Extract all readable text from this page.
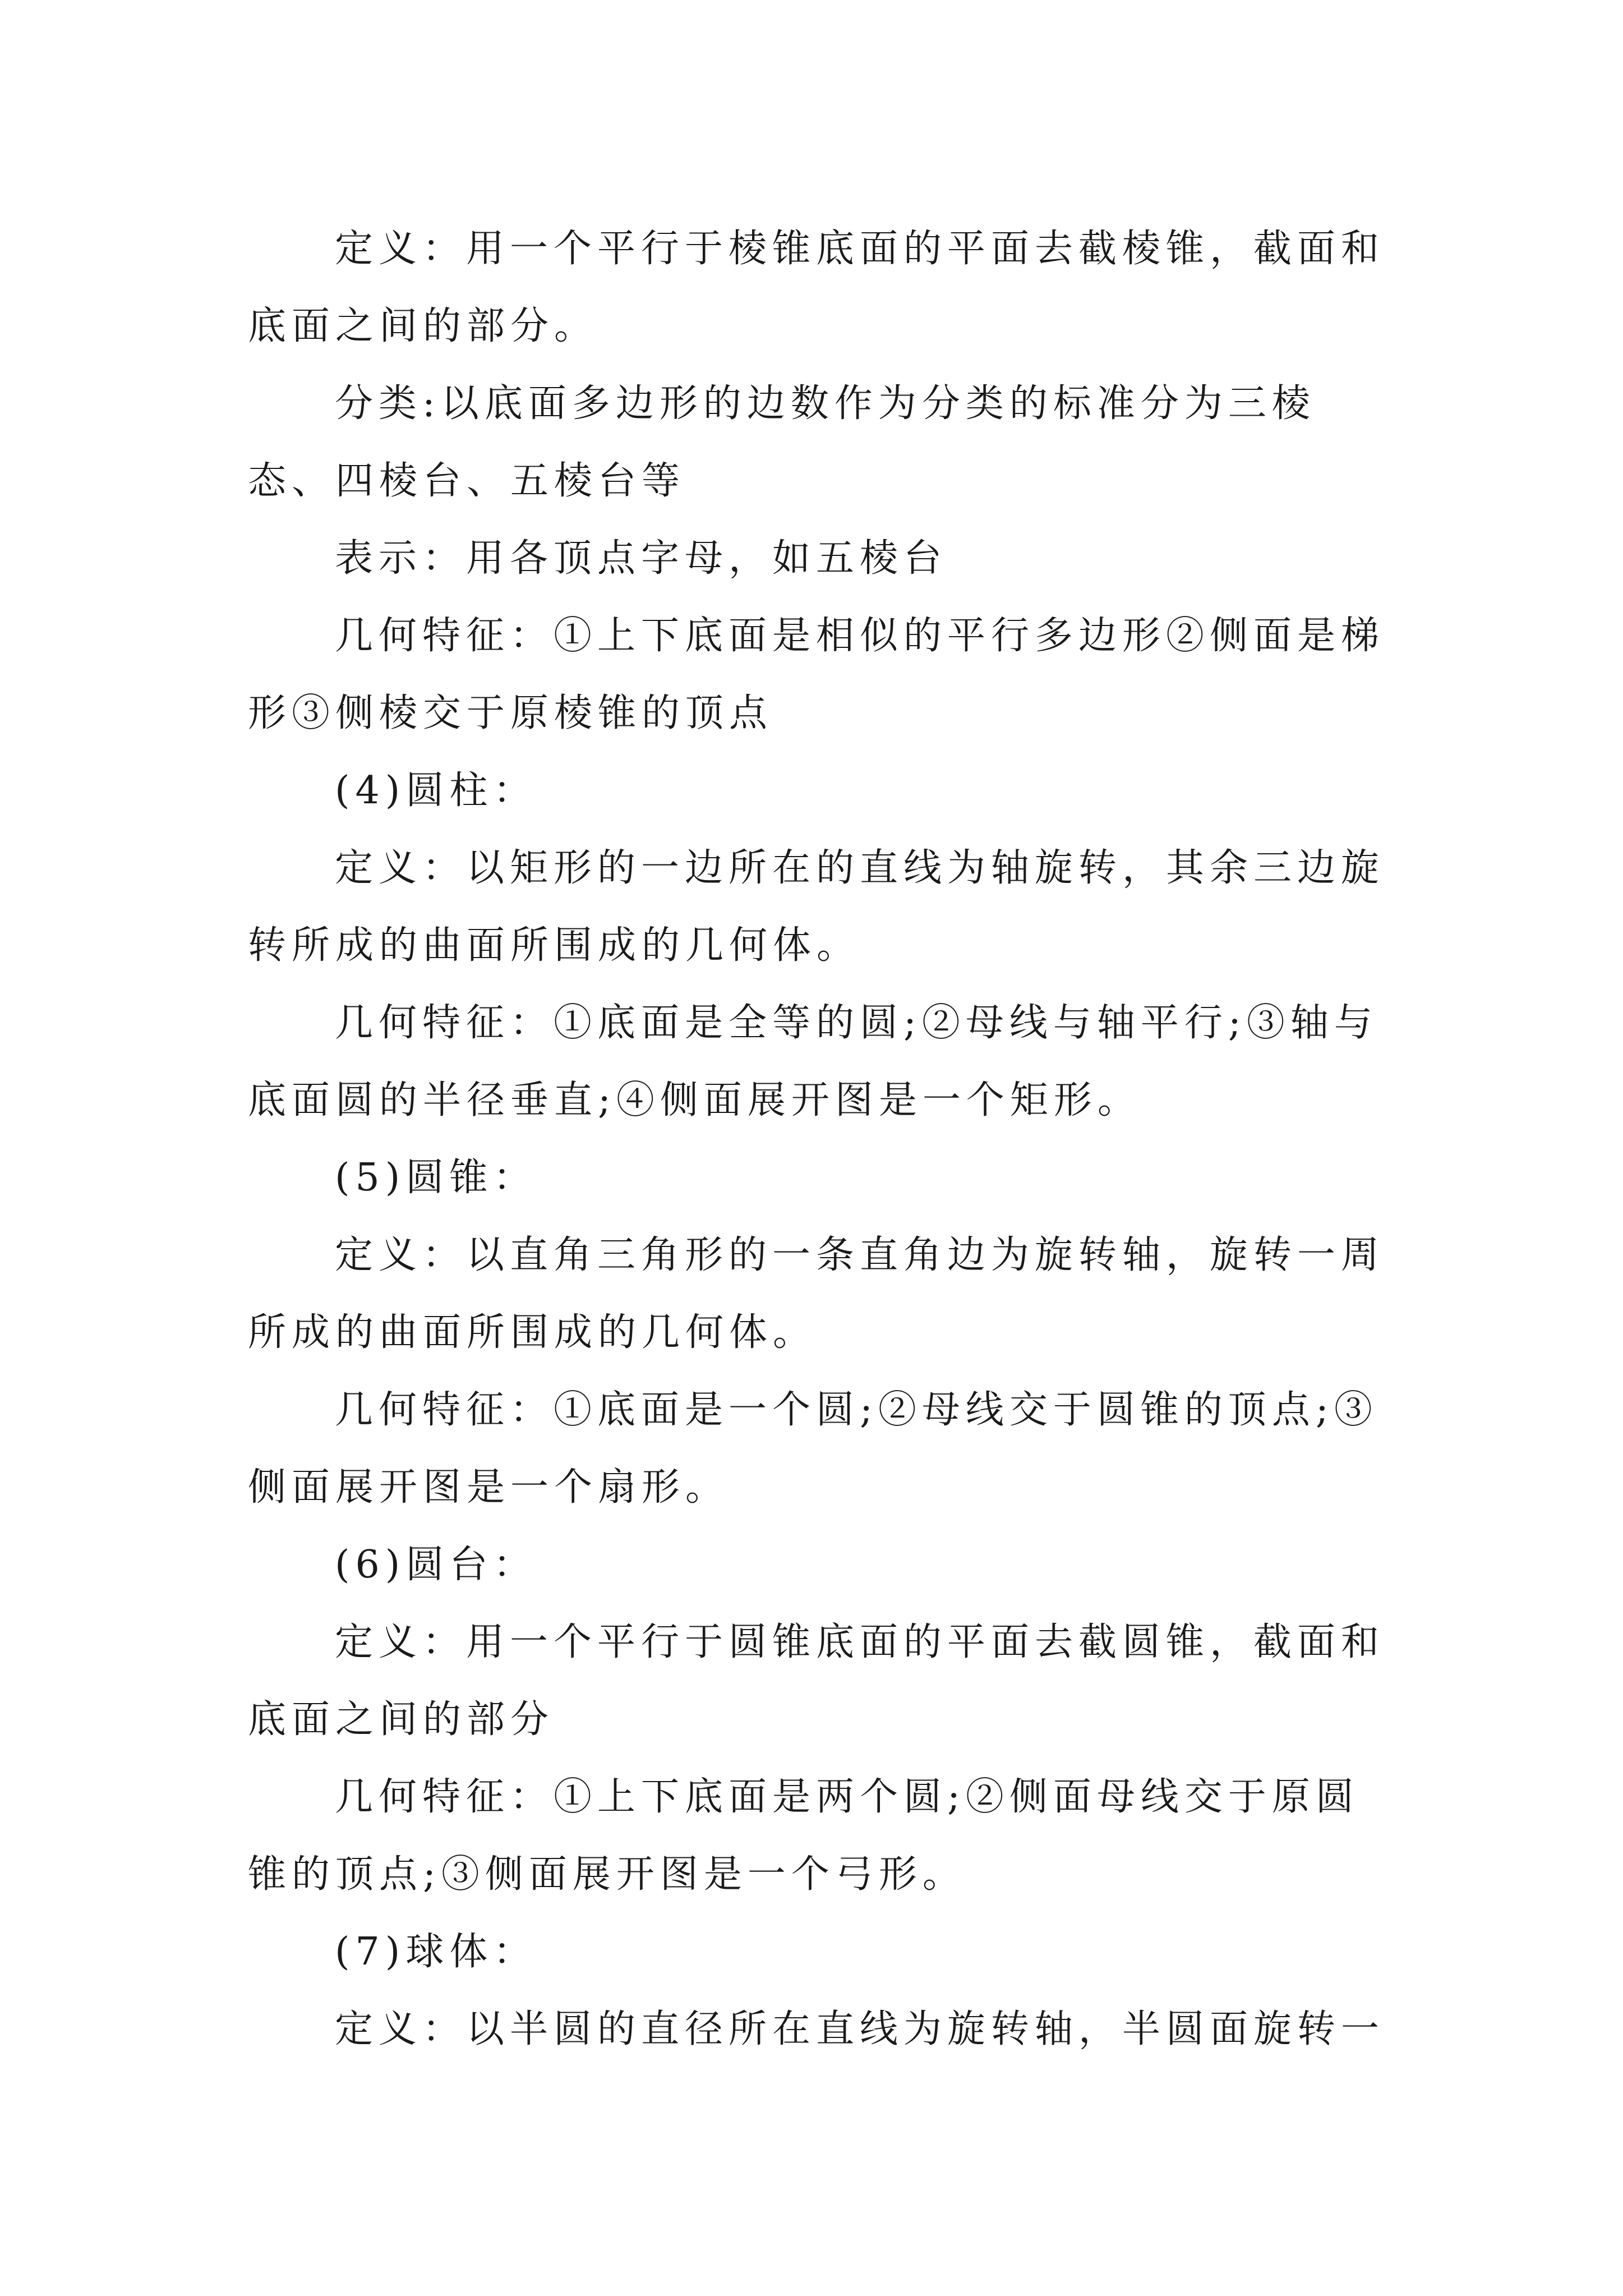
定义：用一个平行于棱锥底面的平面去截棱锥，截面和底面之间的部分。

分类:以底面多边形的边数作为分类的标准分为三棱态、四棱台、五棱台等

表示：用各顶点字母，如五棱台

几何特征：①上下底面是相似的平行多边形②侧面是梯形③侧棱交于原棱锥的顶点

(4)圆柱：

定义：以矩形的一边所在的直线为轴旋转，其余三边旋转所成的曲面所围成的几何体。

几何特征：①底面是全等的圆;②母线与轴平行;③轴与底面圆的半径垂直;④侧面展开图是一个矩形。

(5)圆锥：

定义：以直角三角形的一条直角边为旋转轴，旋转一周所成的曲面所围成的几何体。

几何特征：①底面是一个圆;②母线交于圆锥的顶点;③侧面展开图是一个扇形。

(6)圆台：

定义：用一个平行于圆锥底面的平面去截圆锥，截面和底面之间的部分

几何特征：①上下底面是两个圆;②侧面母线交于原圆锥的顶点;③侧面展开图是一个弓形。

(7)球体：

定义：以半圆的直径所在直线为旋转轴，半圆面旋转一
